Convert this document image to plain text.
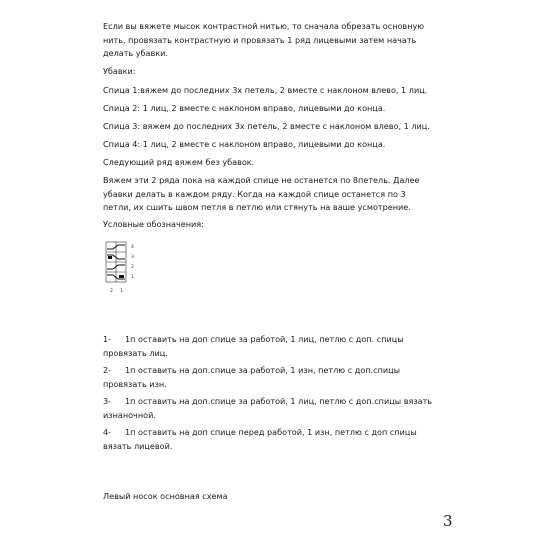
Если вы вяжете мысок контрастной нитью, то сначала обрезать основную нить, провязать контрастную и провязать 1 ряд лицевыми затем начать делать убавки.

Убавки:

Спица 1:вяжем до последних 3х петель, 2 вместе с наклоном влево, 1 лиц.

Спица 2: 1 лиц, 2 вместе с наклоном вправо, лицевыми до конца.

Спица 3: вяжем до последних 3х петель, 2 вместе с наклоном влево, 1 лиц.

Спица 4: 1 лиц, 2 вместе с наклоном вправо, лицевыми до конца.

Следующий ряд вяжем без убавок.

Вяжем эти 2 ряда пока на каждой спице не останется по 8петель. Далее убавки делать в каждом ряду. Когда на каждой спице останется по 3 петли, их сшить швом петля в петлю или стянуть на ваше усмотрение.

Условные обозначения:

4
3
2
1
2 1
1- 1п оставить на доп спице за работой, 1 лиц, петлю с доп. спицы провязать лиц.
2- 1п оставить на доп.спице за работой, 1 изн, петлю с доп.спицы провязать изн.
3- 1п оставить на доп.спице за работой, 1 лиц, петлю с доп.спицы вязать изнаночной.
4- 1п оставить на доп спице перед работой, 1 изн, петлю с доп спицы вязать лицевой.

Левый носок основная схема

3
